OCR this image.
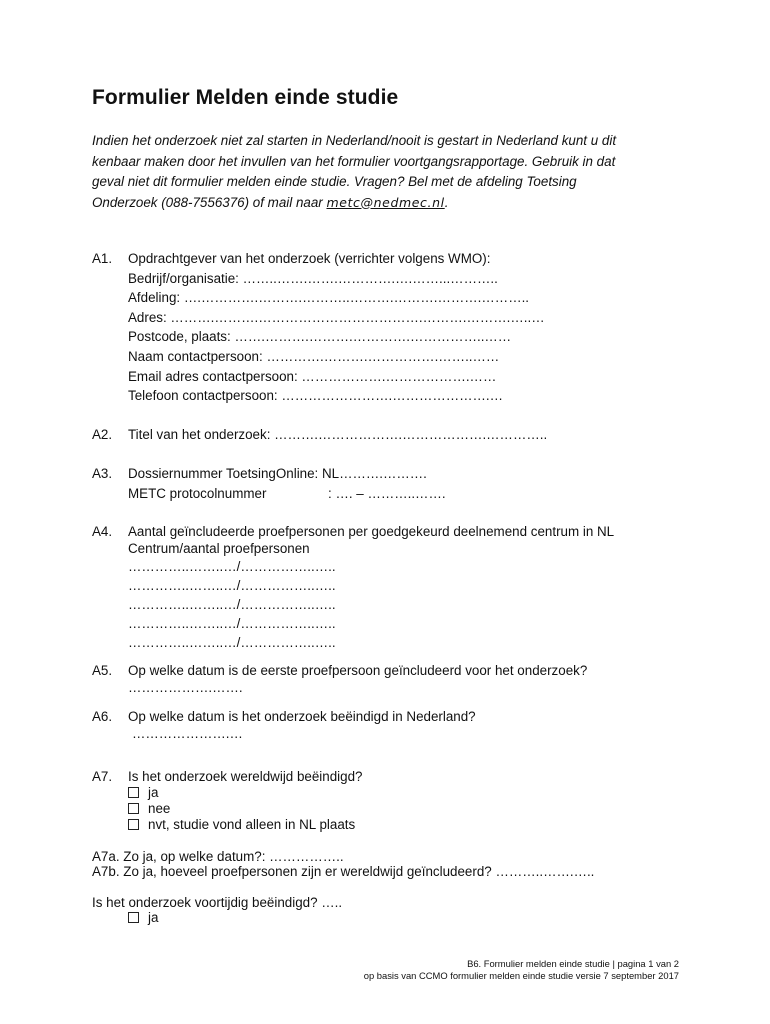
Formulier Melden einde studie
Indien het onderzoek niet zal starten in Nederland/nooit is gestart in Nederland kunt u dit
kenbaar maken door het invullen van het formulier voortgangsrapportage. Gebruik in dat
geval niet dit formulier melden einde studie. Vragen? Bel met de afdeling Toetsing
Onderzoek (088-7556376) of mail naar metc@nedmec.nl.
A1. Opdrachtgever van het onderzoek (verrichter volgens WMO):
Bedrijf/organisatie: ……..…….…….………….….……...………..
Afdeling: ….………….……….………..……….……….……….………..
Adres: ……….……….……………………………….……….……….…..…
Postcode, plaats: …….……….……….………….……………..……
Naam contactpersoon: ………….……….…………….……..……
Email adres contactpersoon: ……………….……………….……
Telefoon contactpersoon: …………………….………………….…
A2. Titel van het onderzoek: ……….……………….……………….…………..
A3. Dossiernummer ToetsingOnline: NL……….……….
METC protocolnummer	: …. – ………..…….
A4. Aantal geïncludeerde proefpersonen per goedgekeurd deelnemend centrum in NL
Centrum/aantal proefpersonen
…………..……..…/……………..…..
…………..……..…/……………..…..
…………..……..…/……………..…..
…………..……..…/……………..…..
…………..……..…/……………..…..
A5. Op welke datum is de eerste proefpersoon geïncludeerd voor het onderzoek?
……………….…….
A6. Op welke datum is het onderzoek beëindigd in Nederland?
………………….…
A7. Is het onderzoek wereldwijd beëindigd?
ja
nee
nvt, studie vond alleen in NL plaats
A7a. Zo ja, op welke datum?: ……………..
A7b. Zo ja, hoeveel proefpersonen zijn er wereldwijd geïncludeerd? ………..…….…..
Is het onderzoek voortijdig beëindigd? …..
ja
B6. Formulier melden einde studie | pagina 1 van 2
op basis van CCMO formulier melden einde studie versie 7 september 2017
